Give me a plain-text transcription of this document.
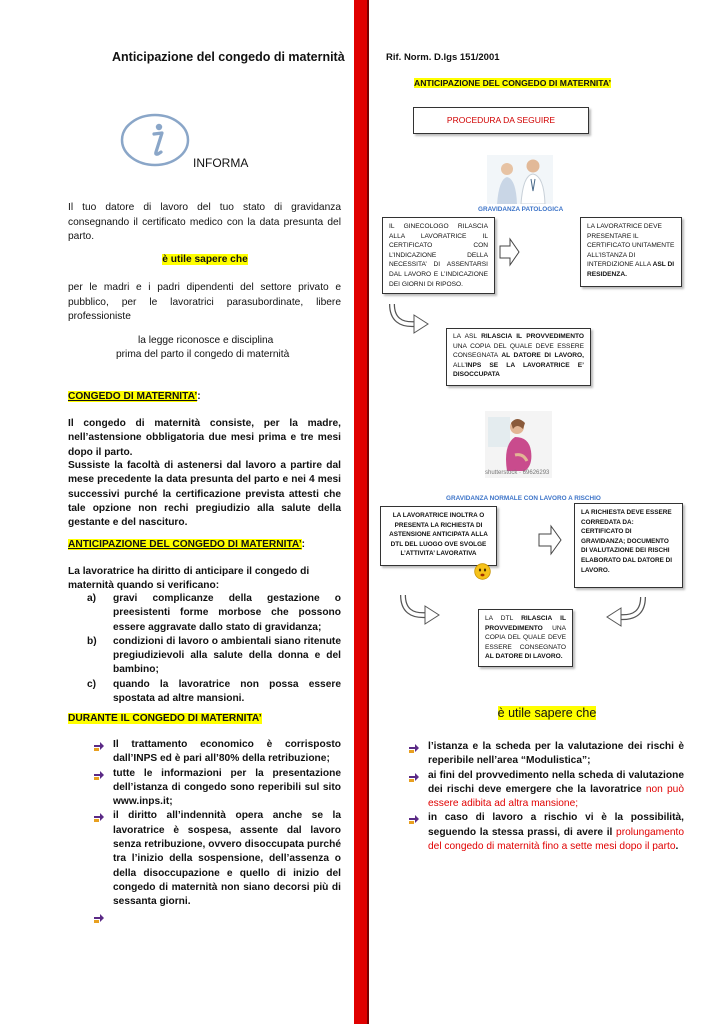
Anticipazione del congedo di maternità
INFORMA
Il tuo datore di lavoro del tuo stato di gravidanza consegnando il certificato medico con la data presunta del parto.
è utile sapere che
per le madri e i padri dipendenti del settore privato e pubblico, per le lavoratrici parasubordinate, libere professioniste
la legge riconosce e disciplina
prima del parto il congedo di maternità
CONGEDO DI MATERNITA’:
Il congedo di maternità consiste, per la madre, nell’astensione obbligatoria due mesi prima e tre mesi dopo il parto.
Sussiste la facoltà di astenersi dal lavoro a partire dal mese precedente la data presunta del parto e nei 4 mesi successivi purché la certificazione prevista attesti che tale opzione non rechi pregiudizio alla salute della gestante e del nascituro.
ANTICIPAZIONE DEL CONGEDO DI MATERNITA’:
La lavoratrice ha diritto di anticipare il congedo di maternità quando si verificano:
a) gravi complicanze della gestazione o preesistenti forme morbose che possono essere aggravate dallo stato di gravidanza;
b) condizioni di lavoro o ambientali siano ritenute pregiudizievoli alla salute della donna e del bambino;
c) quando la lavoratrice non possa essere spostata ad altre mansioni.
DURANTE IL CONGEDO DI MATERNITA’
Il trattamento economico è corrisposto dall’INPS ed è pari all’80% della retribuzione;
tutte le informazioni per la presentazione dell’istanza di congedo sono reperibili sul sito www.inps.it;
il diritto all’indennità opera anche se la lavoratrice è sospesa, assente dal lavoro senza retribuzione, ovvero disoccupata purché tra l’inizio della sospensione, dell’assenza o della disoccupazione e quello di inizio del congedo di maternità non siano decorsi più di sessanta giorni.
Rif. Norm. D.lgs 151/2001
ANTICIPAZIONE DEL CONGEDO DI MATERNITA’
PROCEDURA DA SEGUIRE
GRAVIDANZA PATOLOGICA
IL GINECOLOGO RILASCIA ALLA LAVORATRICE IL CERTIFICATO CON L’INDICAZIONE DELLA NECESSITA’ DI ASSENTARSI DAL LAVORO E L’INDICAZIONE DEI GIORNI DI RIPOSO.
LA LAVORATRICE DEVE PRESENTARE IL CERTIFICATO UNITAMENTE ALL’ISTANZA DI INTERDIZIONE ALLA ASL DI RESIDENZA.
LA ASL RILASCIA IL PROVVEDIMENTO UNA COPIA DEL QUALE DEVE ESSERE CONSEGNATA AL DATORE DI LAVORO, ALL’INPS SE LA LAVORATRICE E’ DISOCCUPATA
shutterstock · 69626293
GRAVIDANZA NORMALE CON LAVORO A RISCHIO
LA LAVORATRICE INOLTRA O PRESENTA LA RICHIESTA DI ASTENSIONE ANTICIPATA ALLA DTL DEL LUOGO OVE SVOLGE L’ATTIVITA’ LAVORATIVA
LA RICHIESTA DEVE ESSERE CORREDATA DA: CERTIFICATO DI GRAVIDANZA; DOCUMENTO DI VALUTAZIONE DEI RISCHI ELABORATO DAL DATORE DI LAVORO.
LA DTL RILASCIA IL PROVVEDIMENTO UNA COPIA DEL QUALE DEVE ESSERE CONSEGNATO AL DATORE DI LAVORO.
è utile sapere che
l’istanza e la scheda per la valutazione dei rischi è reperibile nell’area “Modulistica”;
ai fini del provvedimento nella scheda di valutazione dei rischi deve emergere che la lavoratrice non può essere adibita ad altra mansione;
in caso di lavoro a rischio vi è la possibilità, seguendo la stessa prassi, di avere il prolungamento del congedo di maternità fino a sette mesi dopo il parto.
